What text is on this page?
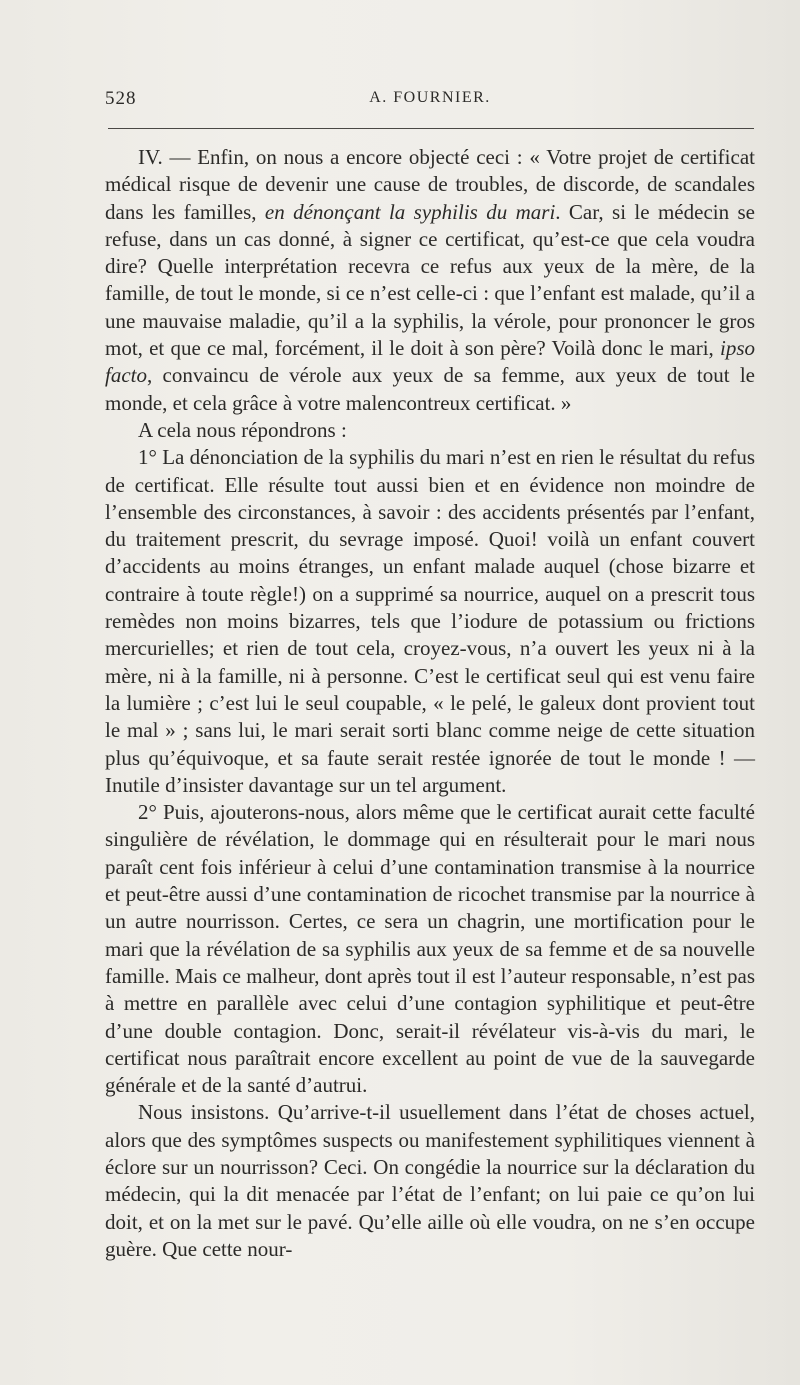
528	A. FOURNIER.

IV. — Enfin, on nous a encore objecté ceci : « Votre projet de certificat médical risque de devenir une cause de troubles, de discorde, de scandales dans les familles, en dénonçant la syphilis du mari. Car, si le médecin se refuse, dans un cas donné, à signer ce certificat, qu’est-ce que cela voudra dire? Quelle interprétation recevra ce refus aux yeux de la mère, de la famille, de tout le monde, si ce n’est celle-ci : que l’enfant est malade, qu’il a une mauvaise maladie, qu’il a la syphilis, la vérole, pour prononcer le gros mot, et que ce mal, forcément, il le doit à son père? Voilà donc le mari, ipso facto, convaincu de vérole aux yeux de sa femme, aux yeux de tout le monde, et cela grâce à votre malencontreux certificat. »

A cela nous répondrons :

1° La dénonciation de la syphilis du mari n’est en rien le résultat du refus de certificat. Elle résulte tout aussi bien et en évidence non moindre de l’ensemble des circonstances, à savoir : des accidents présentés par l’enfant, du traitement prescrit, du sevrage imposé. Quoi! voilà un enfant couvert d’accidents au moins étranges, un enfant malade auquel (chose bizarre et contraire à toute règle!) on a supprimé sa nourrice, auquel on a prescrit tous remèdes non moins bizarres, tels que l’iodure de potassium ou frictions mercurielles; et rien de tout cela, croyez-vous, n’a ouvert les yeux ni à la mère, ni à la famille, ni à personne. C’est le certificat seul qui est venu faire la lumière ; c’est lui le seul coupable, « le pelé, le galeux dont provient tout le mal » ; sans lui, le mari serait sorti blanc comme neige de cette situation plus qu’équivoque, et sa faute serait restée ignorée de tout le monde ! — Inutile d’insister davantage sur un tel argument.

2° Puis, ajouterons-nous, alors même que le certificat aurait cette faculté singulière de révélation, le dommage qui en résulterait pour le mari nous paraît cent fois inférieur à celui d’une contamination transmise à la nourrice et peut-être aussi d’une contamination de ricochet transmise par la nourrice à un autre nourrisson. Certes, ce sera un chagrin, une mortification pour le mari que la révélation de sa syphilis aux yeux de sa femme et de sa nouvelle famille. Mais ce malheur, dont après tout il est l’auteur responsable, n’est pas à mettre en parallèle avec celui d’une contagion syphilitique et peut-être d’une double contagion. Donc, serait-il révélateur vis-à-vis du mari, le certificat nous paraîtrait encore excellent au point de vue de la sauvegarde générale et de la santé d’autrui.

Nous insistons. Qu’arrive-t-il usuellement dans l’état de choses actuel, alors que des symptômes suspects ou manifestement syphilitiques viennent à éclore sur un nourrisson? Ceci. On congédie la nourrice sur la déclaration du médecin, qui la dit menacée par l’état de l’enfant; on lui paie ce qu’on lui doit, et on la met sur le pavé. Qu’elle aille où elle voudra, on ne s’en occupe guère. Que cette nour-
